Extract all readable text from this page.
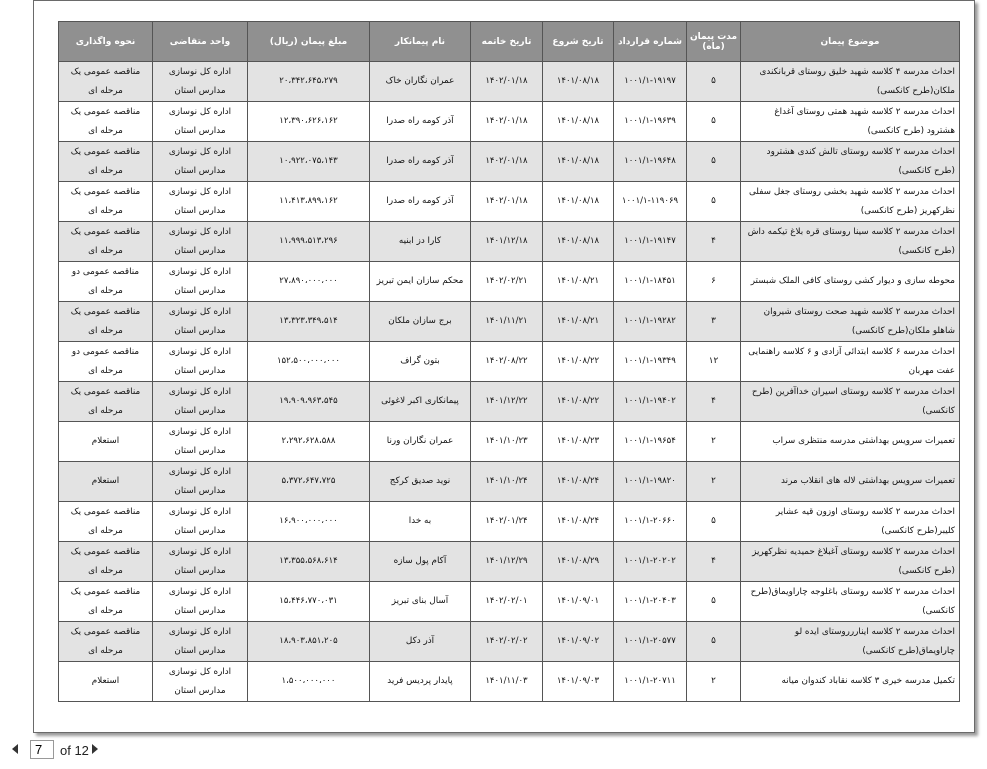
موضوع پیمان	مدت پیمان (ماه)	شماره قرارداد	تاریخ شروع	تاریخ خاتمه	نام پیمانکار	مبلغ پیمان (ریال)	واحد متقاضی	نحوه واگذاری
احداث مدرسه ۴ کلاسه شهید خلیق روستای قربانکندی ملکان(طرح کانکسی)	۵	۱۰۰۱/۱-۱۹۱۹۷	۱۴۰۱/۰۸/۱۸	۱۴۰۲/۰۱/۱۸	عمران نگاران خاک	۲۰،۳۴۲،۶۴۵،۲۷۹	اداره کل نوسازی مدارس استان	مناقصه عمومی یک مرحله ای
احداث مدرسه ۲ کلاسه شهید همتی روستای آغداغ هشترود (طرح کانکسی)	۵	۱۰۰۱/۱-۱۹۶۳۹	۱۴۰۱/۰۸/۱۸	۱۴۰۲/۰۱/۱۸	آذر کومه راه صدرا	۱۲،۳۹۰،۶۲۶،۱۶۲	اداره کل نوسازی مدارس استان	مناقصه عمومی یک مرحله ای
احداث مدرسه ۲ کلاسه روستای تالش کندی هشترود (طرح کانکسی)	۵	۱۰۰۱/۱-۱۹۶۴۸	۱۴۰۱/۰۸/۱۸	۱۴۰۲/۰۱/۱۸	آذر کومه راه صدرا	۱۰،۹۲۲،۰۷۵،۱۴۳	اداره کل نوسازی مدارس استان	مناقصه عمومی یک مرحله ای
احداث مدرسه ۲ کلاسه شهید بخشی روستای جغل سفلی نظرکهریز (طرح کانکسی)	۵	۱۰۰۱/۱-۱۱۹۰۶۹	۱۴۰۱/۰۸/۱۸	۱۴۰۲/۰۱/۱۸	آذر کومه راه صدرا	۱۱،۴۱۳،۸۹۹،۱۶۲	اداره کل نوسازی مدارس استان	مناقصه عمومی یک مرحله ای
احداث مدرسه ۲ کلاسه سینا روستای قره بلاغ تیکمه داش (طرح کانکسی)	۴	۱۰۰۱/۱-۱۹۱۴۷	۱۴۰۱/۰۸/۱۸	۱۴۰۱/۱۲/۱۸	کارا دز ابنیه	۱۱،۹۹۹،۵۱۳،۲۹۶	اداره کل نوسازی مدارس استان	مناقصه عمومی یک مرحله ای
محوطه سازی و دیوار کشی روستای کافی الملک شبستر	۶	۱۰۰۱/۱-۱۸۴۵۱	۱۴۰۱/۰۸/۲۱	۱۴۰۲/۰۲/۲۱	محکم سازان ایمن تبریز	۲۷،۸۹۰،۰۰۰،۰۰۰	اداره کل نوسازی مدارس استان	مناقصه عمومی دو مرحله ای
احداث مدرسه ۲ کلاسه شهید صحت روستای شیروان شاهلو ملکان(طرح کانکسی)	۳	۱۰۰۱/۱-۱۹۲۸۲	۱۴۰۱/۰۸/۲۱	۱۴۰۱/۱۱/۲۱	برج سازان ملکان	۱۳،۳۲۳،۳۴۹،۵۱۴	اداره کل نوسازی مدارس استان	مناقصه عمومی یک مرحله ای
احداث مدرسه ۶ کلاسه ابتدائی آزادی و ۶ کلاسه راهنمایی عفت مهربان	۱۲	۱۰۰۱/۱-۱۹۳۴۹	۱۴۰۱/۰۸/۲۲	۱۴۰۲/۰۸/۲۲	بتون گراف	۱۵۲،۵۰۰،۰۰۰،۰۰۰	اداره کل نوسازی مدارس استان	مناقصه عمومی دو مرحله ای
احداث مدرسه ۲ کلاسه روستای اسیران خداآفرین (طرح کانکسی)	۴	۱۰۰۱/۱-۱۹۴۰۲	۱۴۰۱/۰۸/۲۲	۱۴۰۱/۱۲/۲۲	پیمانکاری اکبر لاغوئی	۱۹،۹۰۹،۹۶۳،۵۴۵	اداره کل نوسازی مدارس استان	مناقصه عمومی یک مرحله ای
تعمیرات سرویس بهداشتی مدرسه منتظری سراب	۲	۱۰۰۱/۱-۱۹۶۵۴	۱۴۰۱/۰۸/۲۳	۱۴۰۱/۱۰/۲۳	عمران نگاران ورنا	۲،۲۹۲،۶۲۸،۵۸۸	اداره کل نوسازی مدارس استان	استعلام
تعمیرات سرویس بهداشتی لاله های انقلاب مرند	۲	۱۰۰۱/۱-۱۹۸۲۰	۱۴۰۱/۰۸/۲۴	۱۴۰۱/۱۰/۲۴	نوید صدیق کرکج	۵،۳۷۲،۶۴۷،۷۲۵	اداره کل نوسازی مدارس استان	استعلام
احداث مدرسه ۲ کلاسه روستای اوزون قیه عشایر کلیبر(طرح کانکسی)	۵	۱۰۰۱/۱-۲۰۶۶۰	۱۴۰۱/۰۸/۲۴	۱۴۰۲/۰۱/۲۴	به خدا	۱۶،۹۰۰،۰۰۰،۰۰۰	اداره کل نوسازی مدارس استان	مناقصه عمومی یک مرحله ای
احداث مدرسه ۲ کلاسه روستای آغبلاغ حمیدیه نظرکهریز (طرح کانکسی)	۴	۱۰۰۱/۱-۲۰۲۰۲	۱۴۰۱/۰۸/۲۹	۱۴۰۱/۱۲/۲۹	آکام پول سازه	۱۳،۳۵۵،۵۶۸،۶۱۴	اداره کل نوسازی مدارس استان	مناقصه عمومی یک مرحله ای
احداث مدرسه ۲ کلاسه روستای باغلوجه چاراویماق(طرح کانکسی)	۵	۱۰۰۱/۱-۲۰۴۰۳	۱۴۰۱/۰۹/۰۱	۱۴۰۲/۰۲/۰۱	آسال بنای تبریز	۱۵،۴۴۶،۷۷۰،۰۳۱	اداره کل نوسازی مدارس استان	مناقصه عمومی یک مرحله ای
احداث مدرسه ۲ کلاسه ایناررروستای ایده لو چاراویماق(طرح کانکسی)	۵	۱۰۰۱/۱-۲۰۵۷۷	۱۴۰۱/۰۹/۰۲	۱۴۰۲/۰۲/۰۲	آذر دکل	۱۸،۹۰۳،۸۵۱،۲۰۵	اداره کل نوسازی مدارس استان	مناقصه عمومی یک مرحله ای
تکمیل مدرسه خیری ۳ کلاسه نقاباد کندوان میانه	۲	۱۰۰۱/۱-۲۰۷۱۱	۱۴۰۱/۰۹/۰۳	۱۴۰۱/۱۱/۰۳	پایدار پردیس فرید	۱،۵۰۰،۰۰۰،۰۰۰	اداره کل نوسازی مدارس استان	استعلام
7
of 12
